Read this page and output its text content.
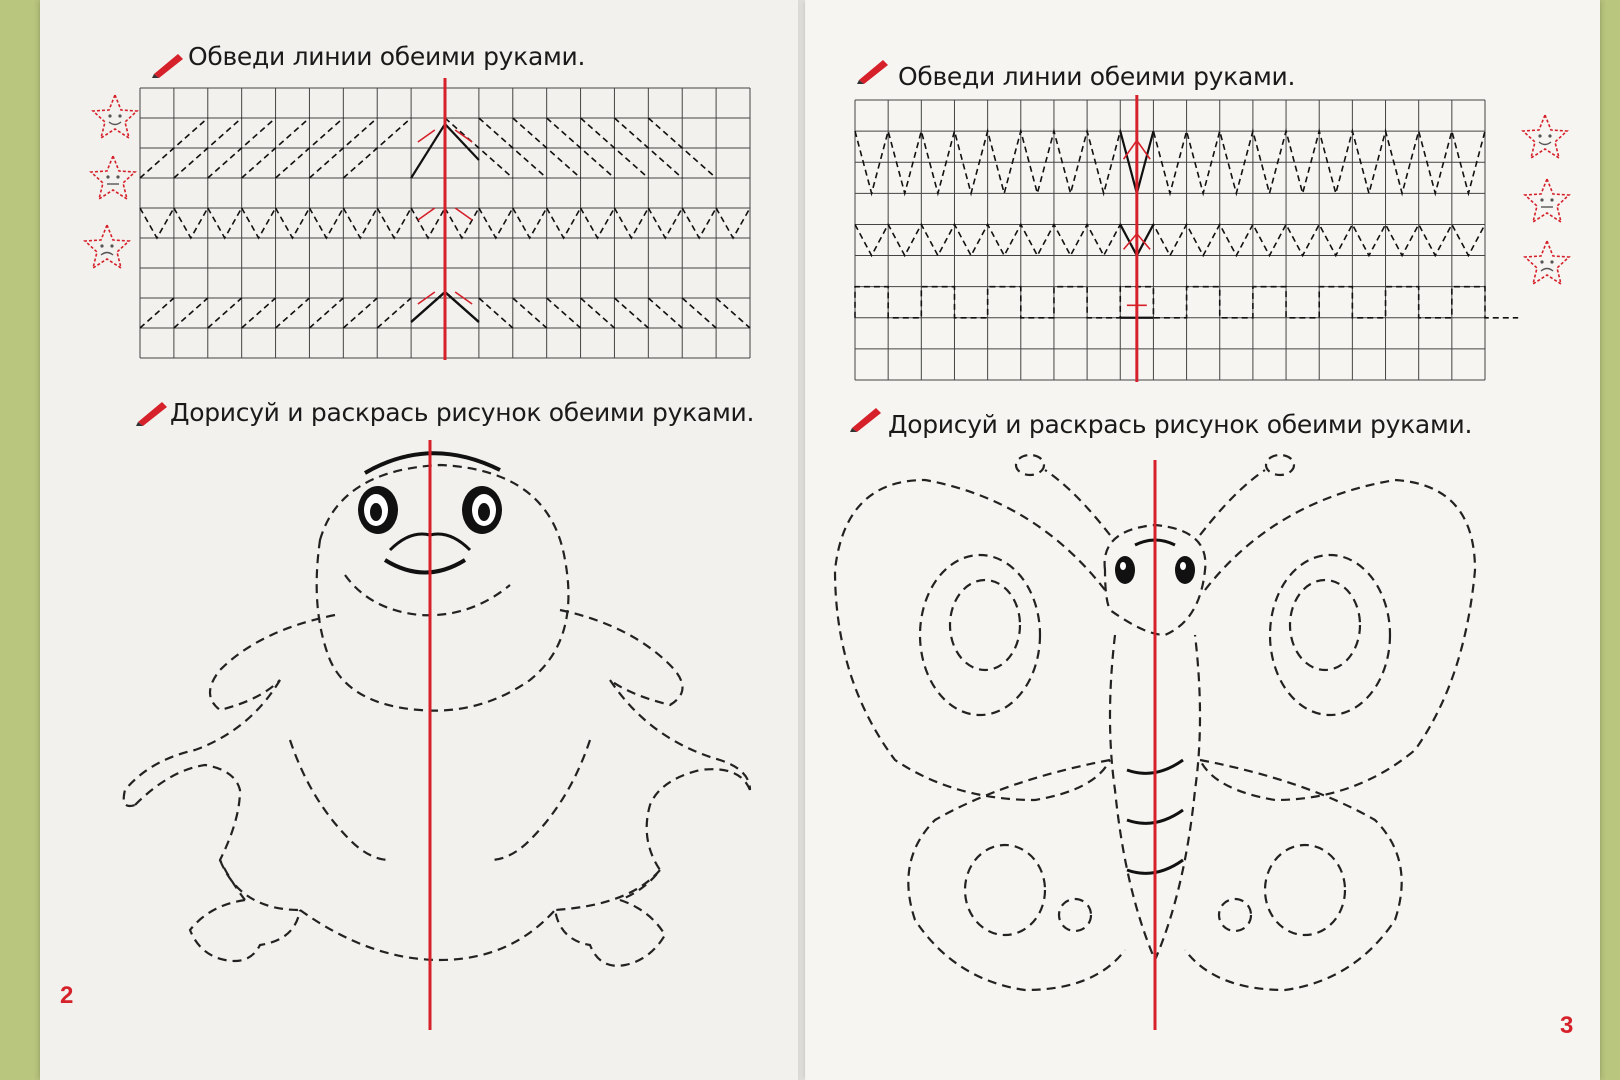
Обведи линии обеими руками.
Дорисуй и раскрась рисунок обеими руками.
Обведи линии обеими руками.
Дорисуй и раскрась рисунок обеими руками.
2
3
